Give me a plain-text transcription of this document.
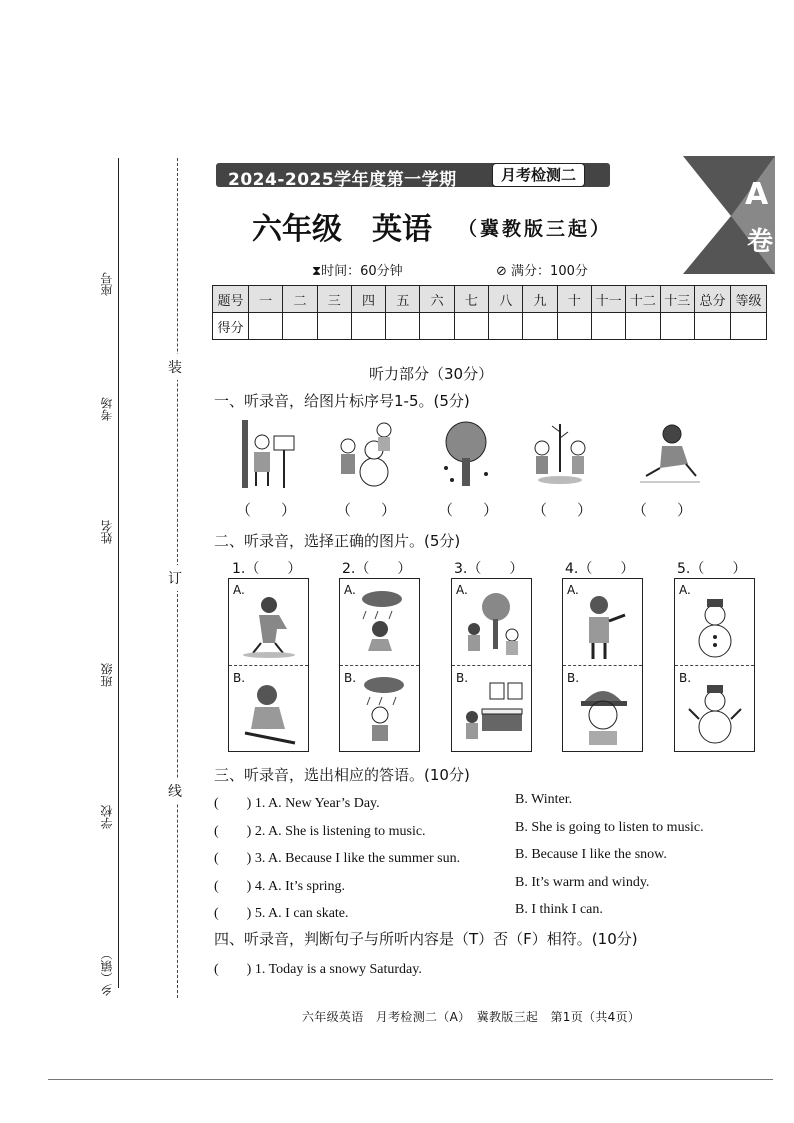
座号
考场
姓名
班级
学校
乡（镇）
装
订
线
2024-2025学年度第一学期	月考检测二
六年级　英语 （冀教版三起）
A
卷
⧗时间：60分钟	⊘ 满分：100分
题号	一	二	三	四	五	六	七	八	九	十	十一	十二	十三	总分	等级
得分															
听力部分（30分）
一、听录音，给图片标序号1-5。(5分)
（　　）	（　　）	（　　） （　　）	（　　）
二、听录音，选择正确的图片。(5分)
1.（　　）	2.（　　）	3.（　　）	4.（　　）	5.（　　）
A.
B.
A.
B.
A.
B.
A.
B.
A.
B.
三、听录音，选出相应的答语。(10分)
(　　) 1. A. New Year’s Day.	B. Winter.
(　　) 2. A. She is listening to music.	B. She is going to listen to music.
(　　) 3. A. Because I like the summer sun.	B. Because I like the snow.
(　　) 4. A. It’s spring.	B. It’s warm and windy.
(　　) 5. A. I can skate.	B. I think I can.
四、听录音，判断句子与所听内容是（T）否（F）相符。(10分)
(　　) 1. Today is a snowy Saturday.
六年级英语　月考检测二（A）　冀教版三起　第1页（共4页）
